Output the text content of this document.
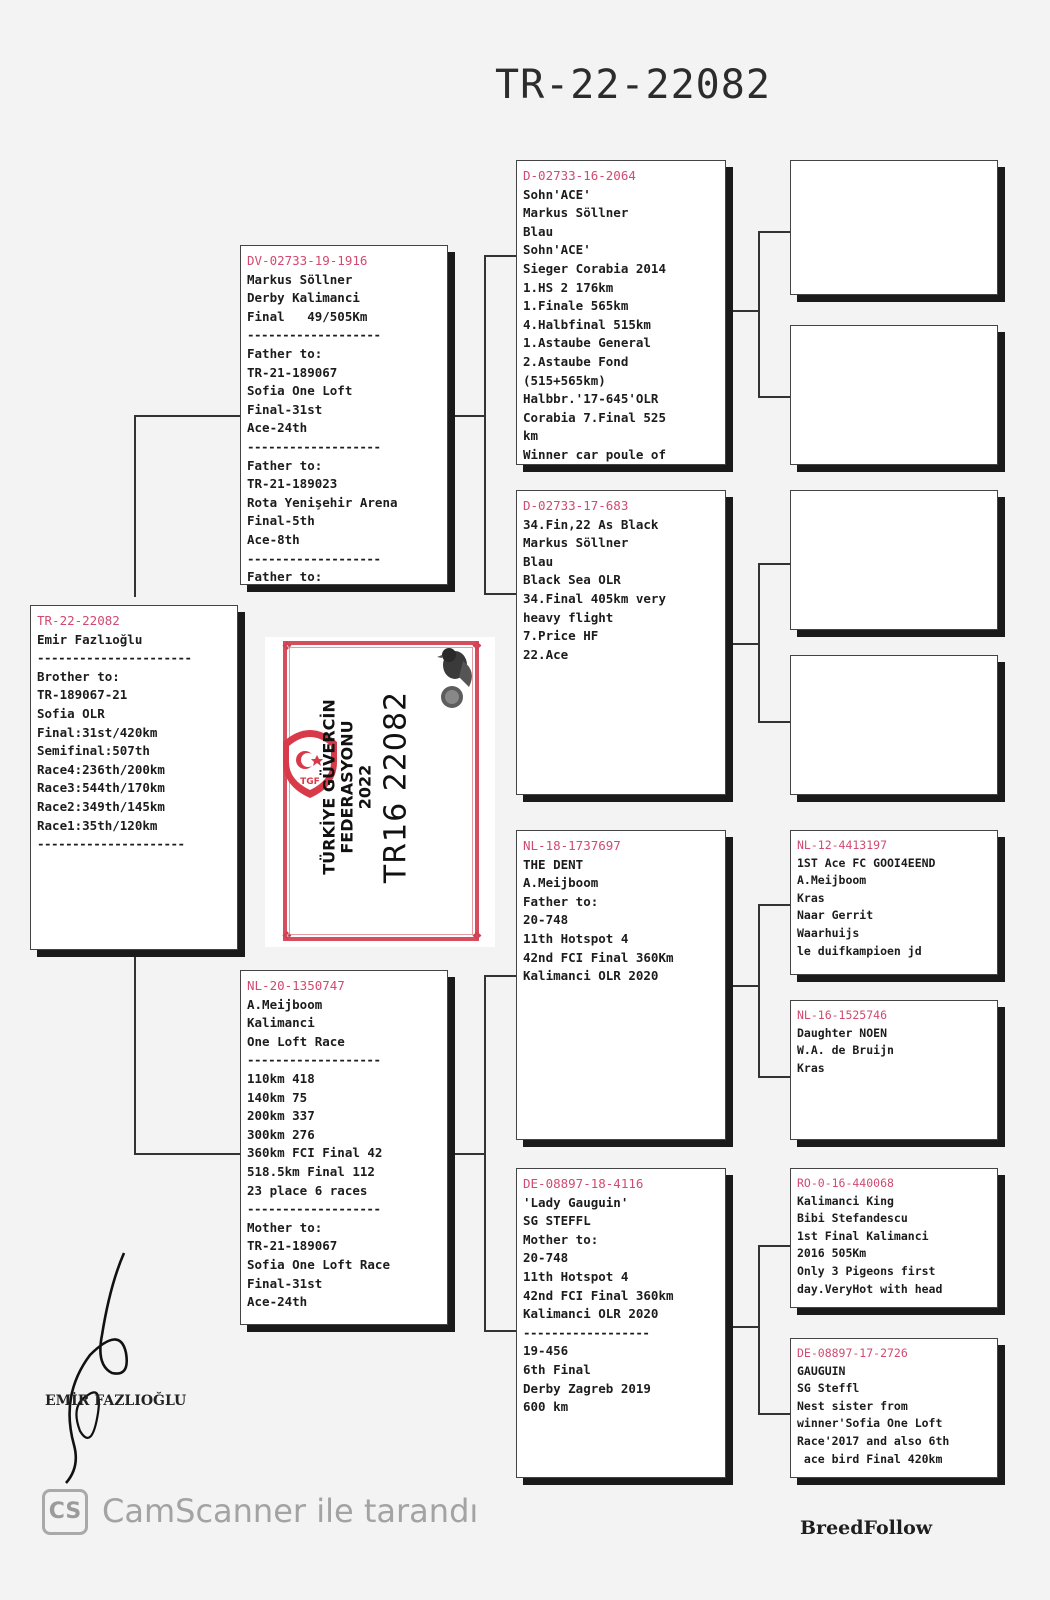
TR-22-22082
TR-22-22082
Emir Fazlıoğlu
----------------------
Brother to:
TR-189067-21
Sofia OLR
Final:31st/420km
Semifinal:507th
Race4:236th/200km
Race3:544th/170km
Race2:349th/145km
Race1:35th/120km
---------------------
DV-02733-19-1916
Markus Söllner
Derby Kalimanci
Final   49/505Km
-------------------
Father to:
TR-21-189067
Sofia One Loft
Final-31st
Ace-24th
-------------------
Father to:
TR-21-189023
Rota Yenişehir Arena
Final-5th
Ace-8th
-------------------
Father to:
NL-20-1350747
A.Meijboom
Kalimanci
One Loft Race
-------------------
110km 418
140km 75
200km 337
300km 276
360km FCI Final 42
518.5km Final 112
23 place 6 races
-------------------
Mother to:
TR-21-189067
Sofia One Loft Race
Final-31st
Ace-24th
D-02733-16-2064
Sohn'ACE'
Markus Söllner
Blau
Sohn'ACE'
Sieger Corabia 2014
1.HS 2 176km
1.Finale 565km
4.Halbfinal 515km
1.Astaube General
2.Astaube Fond
(515+565km)
Halbbr.'17-645'OLR
Corabia 7.Final 525
km
Winner car poule of
D-02733-17-683
34.Fin,22 As Black
Markus Söllner
Blau
Black Sea OLR
34.Final 405km very
heavy flight
7.Price HF
22.Ace
NL-18-1737697
THE DENT
A.Meijboom
Father to:
20-748
11th Hotspot 4
42nd FCI Final 360Km
Kalimanci OLR 2020
DE-08897-18-4116
'Lady Gauguin'
SG STEFFL
Mother to:
20-748
11th Hotspot 4
42nd FCI Final 360km
Kalimanci OLR 2020
------------------
19-456
6th Final
Derby Zagreb 2019
600 km
NL-12-4413197
1ST Ace FC GOOI4EEND
A.Meijboom
Kras
Naar Gerrit
Waarhuijs
le duifkampioen jd
NL-16-1525746
Daughter NOEN
W.A. de Bruijn
Kras
RO-0-16-440068
Kalimanci King
Bibi Stefandescu
1st Final Kalimanci
2016 505Km
Only 3 Pigeons first
day.VeryHot with head
DE-08897-17-2726
GAUGUIN
SG Steffl
Nest sister from
winner'Sofia One Loft
Race'2017 and also 6th
ace bird Final 420km
❖	❖
❖	❖
TGF TÜRKİYE GÜVERCİN FEDERASYONU 2022 TR16 22082
EMİR FAZLIOĞLU
CS CamScanner ile tarandı	BreedFollow
